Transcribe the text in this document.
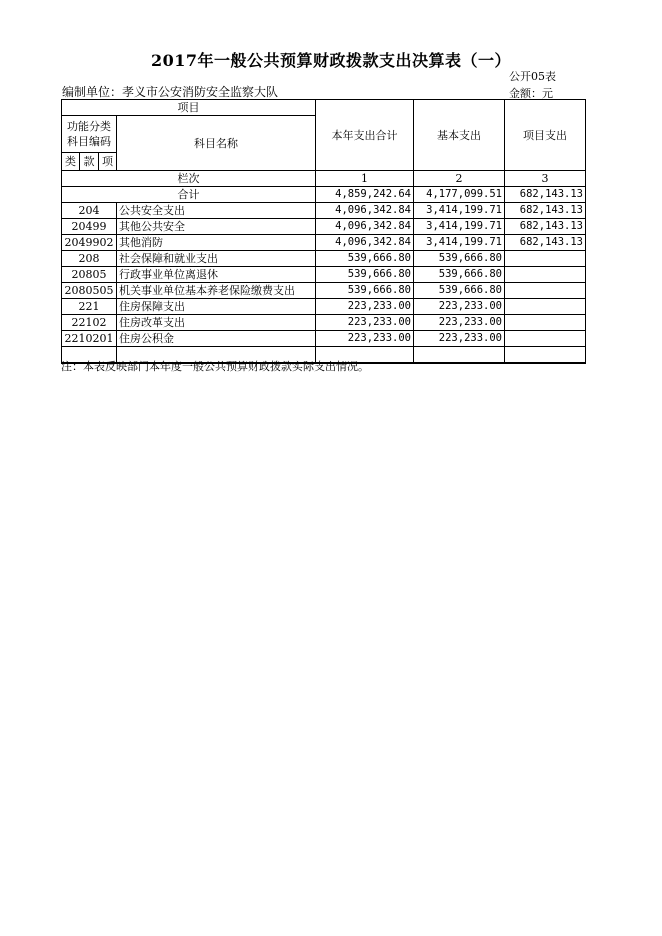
2017年一般公共预算财政拨款支出决算表（一）
公开05表
编制单位：孝义市公安消防安全监察大队	金额：元
项目				本年支出合计	基本支出	项目支出
功能分类科目编码			科目名称			
类	款	项				
栏次				1	2	3
合计				4,859,242.64	4,177,099.51	682,143.13
204			公共安全支出	4,096,342.84	3,414,199.71	682,143.13
20499			其他公共安全	4,096,342.84	3,414,199.71	682,143.13
2049902			其他消防	4,096,342.84	3,414,199.71	682,143.13
208			社会保障和就业支出	539,666.80	539,666.80	
20805			行政事业单位离退休	539,666.80	539,666.80	
2080505			机关事业单位基本养老保险缴费支出	539,666.80	539,666.80	
221			住房保障支出	223,233.00	223,233.00	
22102			住房改革支出	223,233.00	223,233.00	
2210201			住房公积金	223,233.00	223,233.00	

注：本表反映部门本年度一般公共预算财政拨款实际支出情况。
